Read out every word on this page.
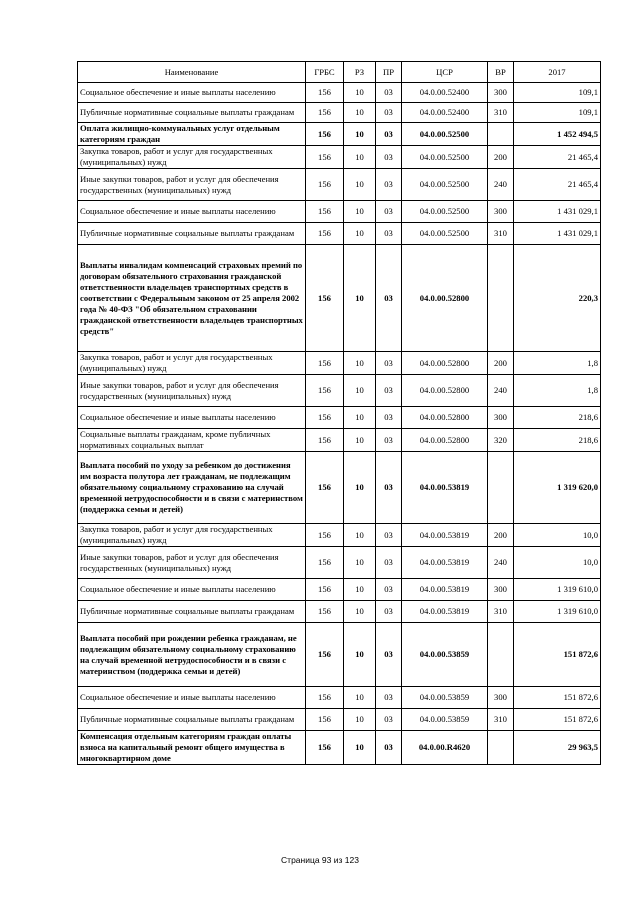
Наименование	ГРБС	РЗ	ПР	ЦСР	ВР	2017
Социальное обеспечение и иные выплаты населению	156	10	03	04.0.00.52400	300	109,1
Публичные нормативные социальные выплаты гражданам	156	10	03	04.0.00.52400	310	109,1
Оплата жилищно-коммунальных услуг отдельным категориям граждан	156	10	03	04.0.00.52500		1 452 494,5
Закупка товаров, работ и услуг для государственных (муниципальных) нужд	156	10	03	04.0.00.52500	200	21 465,4
Иные закупки товаров, работ и услуг для обеспечения государственных (муниципальных) нужд	156	10	03	04.0.00.52500	240	21 465,4
Социальное обеспечение и иные выплаты населению	156	10	03	04.0.00.52500	300	1 431 029,1
Публичные нормативные социальные выплаты гражданам	156	10	03	04.0.00.52500	310	1 431 029,1
Выплаты инвалидам компенсаций страховых премий по договорам обязательного страхования гражданской ответственности владельцев транспортных средств в соответствии с Федеральным законом от 25 апреля 2002 года № 40-ФЗ "Об обязательном страховании гражданской ответственности владельцев транспортных средств"	156	10	03	04.0.00.52800		220,3
Закупка товаров, работ и услуг для государственных (муниципальных) нужд	156	10	03	04.0.00.52800	200	1,8
Иные закупки товаров, работ и услуг для обеспечения государственных (муниципальных) нужд	156	10	03	04.0.00.52800	240	1,8
Социальное обеспечение и иные выплаты населению	156	10	03	04.0.00.52800	300	218,6
Социальные выплаты гражданам, кроме публичных нормативных социальных выплат	156	10	03	04.0.00.52800	320	218,6
Выплата пособий по уходу за ребенком до достижения им возраста полутора лет гражданам, не подлежащим обязательному социальному страхованию на случай временной нетрудоспособности и в связи с материнством (поддержка семьи и детей)	156	10	03	04.0.00.53819		1 319 620,0
Закупка товаров, работ и услуг для государственных (муниципальных) нужд	156	10	03	04.0.00.53819	200	10,0
Иные закупки товаров, работ и услуг для обеспечения государственных (муниципальных) нужд	156	10	03	04.0.00.53819	240	10,0
Социальное обеспечение и иные выплаты населению	156	10	03	04.0.00.53819	300	1 319 610,0
Публичные нормативные социальные выплаты гражданам	156	10	03	04.0.00.53819	310	1 319 610,0
Выплата пособий при рождении ребенка гражданам, не подлежащим обязательному социальному страхованию на случай временной нетрудоспособности и в связи с материнством (поддержка семьи и детей)	156	10	03	04.0.00.53859		151 872,6
Социальное обеспечение и иные выплаты населению	156	10	03	04.0.00.53859	300	151 872,6
Публичные нормативные социальные выплаты гражданам	156	10	03	04.0.00.53859	310	151 872,6
Компенсация отдельным категориям граждан оплаты взноса на капитальный ремонт общего имущества в многоквартирном доме	156	10	03	04.0.00.R4620		29 963,5
Страница 93 из 123
